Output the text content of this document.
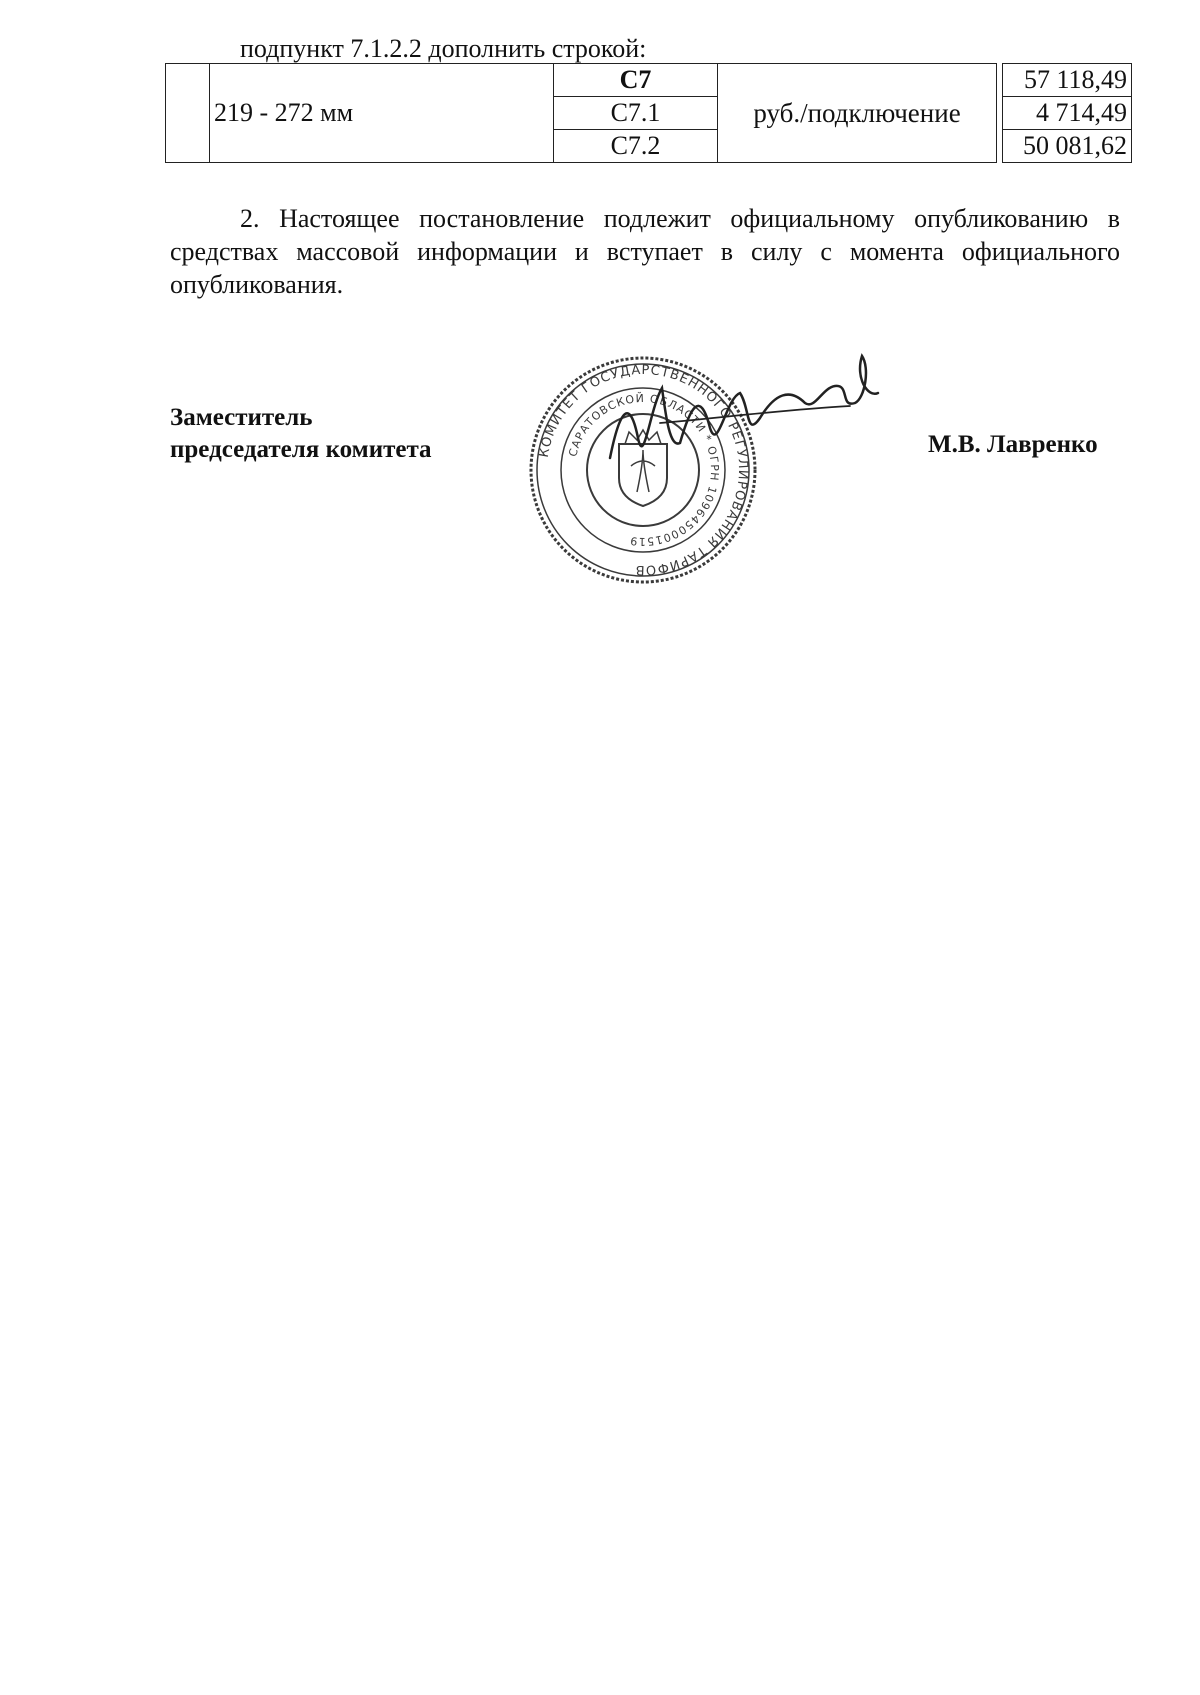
подпункт 7.1.2.2 дополнить строкой:

	219 - 272 мм	С7	руб./подключение		57 118,49
		С7.1			4 714,49
		С7.2			50 081,62

2. Настоящее постановление подлежит официальному опубликованию в средствах массовой информации и вступает в силу с момента официального опубликования.

Заместитель
председателя комитета	М.В. Лавренко
КОМИТЕТ ГОСУДАРСТВЕННОГО РЕГУЛИРОВАНИЯ ТАРИФОВ
САРАТОВСКОЙ ОБЛАСТИ * ОГРН 1096450001519
